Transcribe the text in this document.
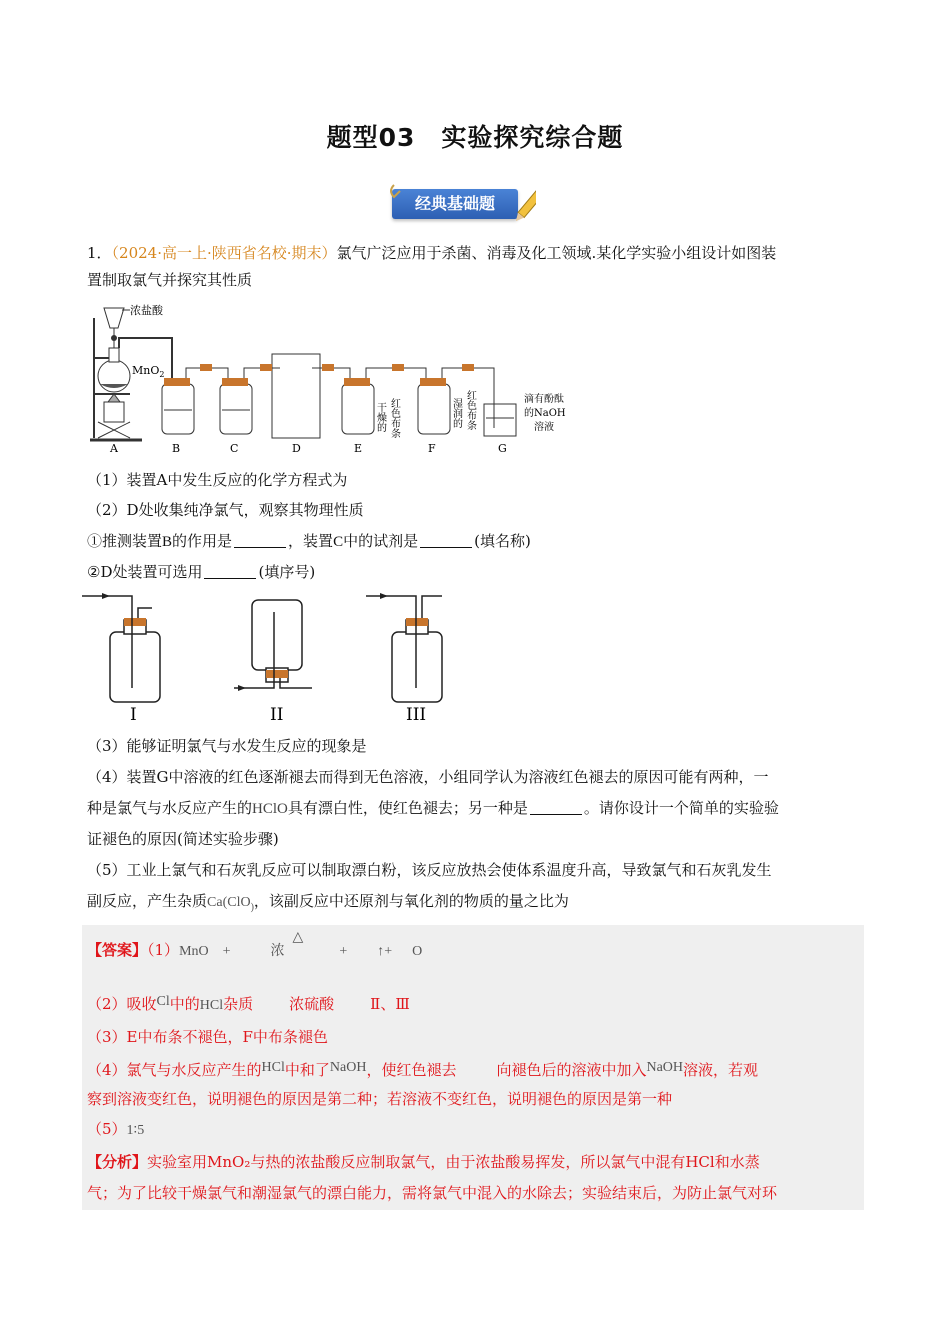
题型03　实验探究综合题
经典基础题
1．（2024·高一上·陕西省名校·期末）氯气广泛应用于杀菌、消毒及化工领域.某化学实验小组设计如图装
置制取氯气并探究其性质
浓盐酸
MnO$_2$
红色布条
干燥的	红色布条
湿润的	滴有酚酞
的NaOH
溶液
A	B	C	D	E	F	G
（1）装置A中发生反应的化学方程式为
（2）D处收集纯净氯气，观察其物理性质
①推测装置B的作用是	，装置C中的试剂是	(填名称)
②D处装置可选用	(填序号)
I	II	III
（3）能够证明氯气与水发生反应的现象是
（4）装置G中溶液的红色逐渐褪去而得到无色溶液，小组同学认为溶液红色褪去的原因可能有两种，一
种是氯气与水反应产生的HClO具有漂白性，使红色褪去；另一种是	。请你设计一个简单的实验验
证褪色的原因(简述实验步骤)
（5）工业上氯气和石灰乳反应可以制取漂白粉，该反应放热会使体系温度升高，导致氯气和石灰乳发生
副反应，产生杂质Ca(ClO$_)$，该副反应中还原剂与氧化剂的物质的量之比为
【答案】（1）MnO +	浓△+ ↑+ O
（2）吸收Cl中的HCl杂质 浓硫酸 Ⅱ、Ⅲ
（3）E中布条不褪色，F中布条褪色
（4）氯气与水反应产生的HCl中和了NaOH，使红色褪去	向褪色后的溶液中加入NaOH溶液，若观
察到溶液变红色，说明褪色的原因是第二种；若溶液不变红色，说明褪色的原因是第一种
（5）1∶5
【分析】实验室用MnO₂与热的浓盐酸反应制取氯气，由于浓盐酸易挥发，所以氯气中混有HCl和水蒸
气；为了比较干燥氯气和潮湿氯气的漂白能力，需将氯气中混入的水除去；实验结束后，为防止氯气对环
